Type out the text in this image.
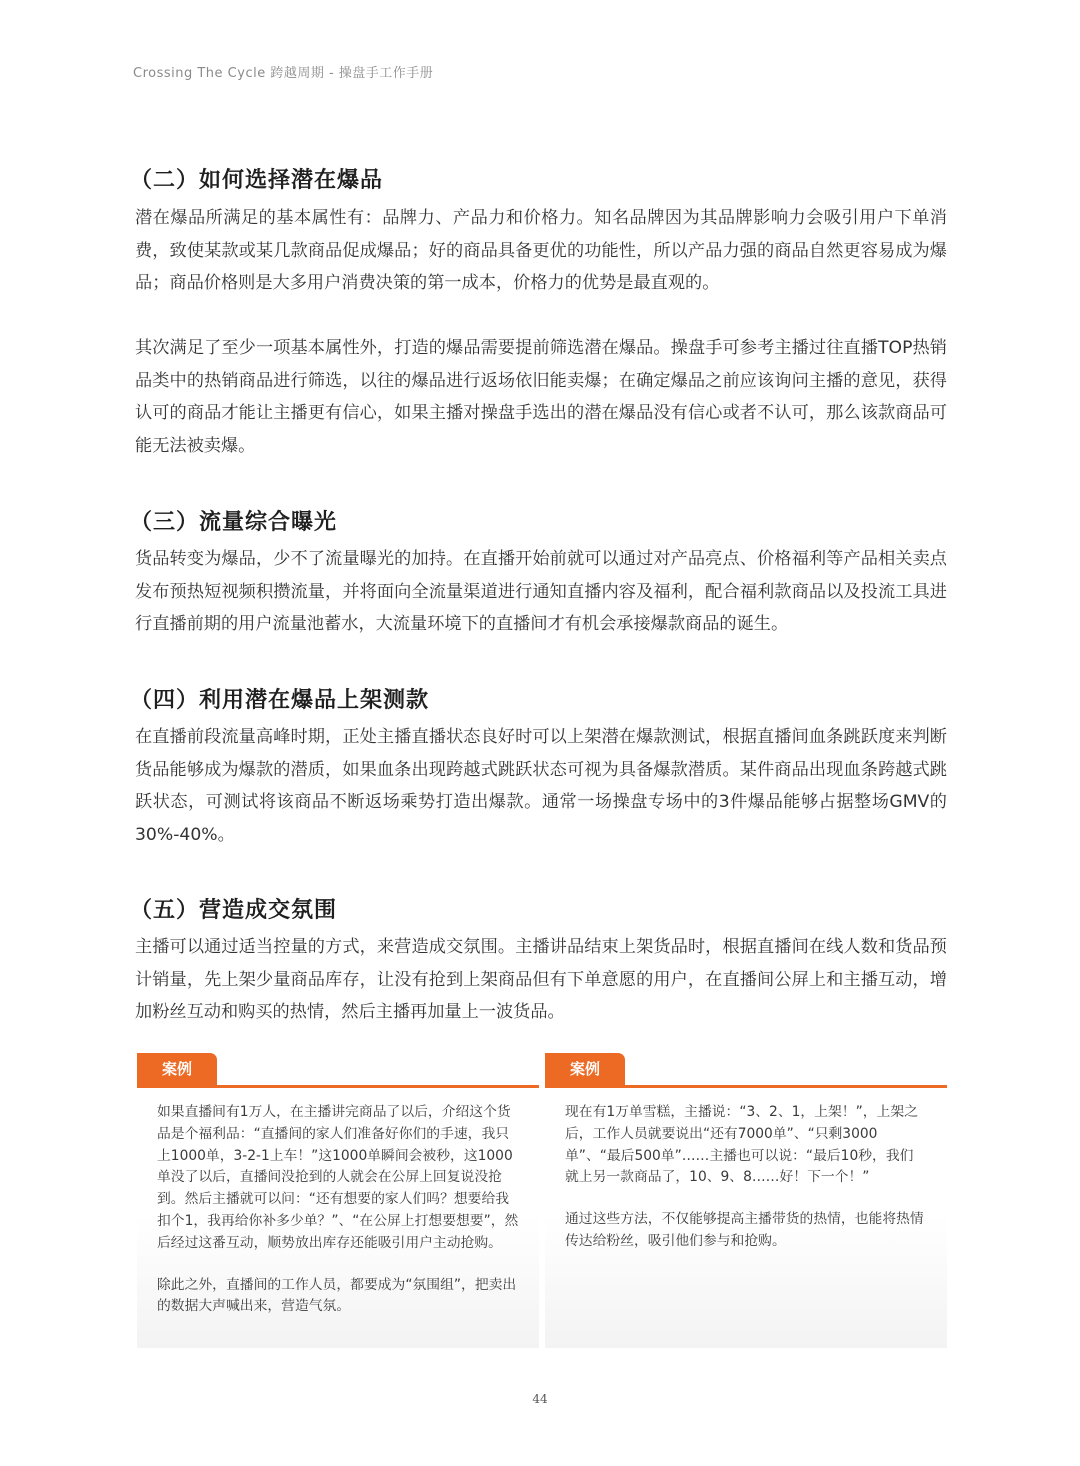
Crossing The Cycle 跨越周期 - 操盘手工作手册
（二）如何选择潜在爆品

潜在爆品所满足的基本属性有：品牌力、产品力和价格力。知名品牌因为其品牌影响力会吸引用户下单消费，致使某款或某几款商品促成爆品；好的商品具备更优的功能性，所以产品力强的商品自然更容易成为爆品；商品价格则是大多用户消费决策的第一成本，价格力的优势是最直观的。

其次满足了至少一项基本属性外，打造的爆品需要提前筛选潜在爆品。操盘手可参考主播过往直播TOP热销品类中的热销商品进行筛选，以往的爆品进行返场依旧能卖爆；在确定爆品之前应该询问主播的意见，获得认可的商品才能让主播更有信心，如果主播对操盘手选出的潜在爆品没有信心或者不认可，那么该款商品可能无法被卖爆。

（三）流量综合曝光

货品转变为爆品，少不了流量曝光的加持。在直播开始前就可以通过对产品亮点、价格福利等产品相关卖点发布预热短视频积攒流量，并将面向全流量渠道进行通知直播内容及福利，配合福利款商品以及投流工具进行直播前期的用户流量池蓄水，大流量环境下的直播间才有机会承接爆款商品的诞生。

（四）利用潜在爆品上架测款

在直播前段流量高峰时期，正处主播直播状态良好时可以上架潜在爆款测试，根据直播间血条跳跃度来判断货品能够成为爆款的潜质，如果血条出现跨越式跳跃状态可视为具备爆款潜质。某件商品出现血条跨越式跳跃状态，可测试将该商品不断返场乘势打造出爆款。通常一场操盘专场中的3件爆品能够占据整场GMV的30%-40%。

（五）营造成交氛围

主播可以通过适当控量的方式，来营造成交氛围。主播讲品结束上架货品时，根据直播间在线人数和货品预计销量，先上架少量商品库存，让没有抢到上架商品但有下单意愿的用户，在直播间公屏上和主播互动，增加粉丝互动和购买的热情，然后主播再加量上一波货品。

案例

如果直播间有1万人，在主播讲完商品了以后，介绍这个货品是个福利品：“直播间的家人们准备好你们的手速，我只上1000单，3-2-1上车！”这1000单瞬间会被秒，这1000单没了以后，直播间没抢到的人就会在公屏上回复说没抢到。然后主播就可以问：“还有想要的家人们吗？想要给我扣个1，我再给你补多少单？”、“在公屏上打想要想要”，然后经过这番互动，顺势放出库存还能吸引用户主动抢购。

除此之外，直播间的工作人员，都要成为“氛围组”，把卖出的数据大声喊出来，营造气氛。

案例

现在有1万单雪糕，主播说：“3、2、1，上架！”，上架之后，工作人员就要说出“还有7000单”、“只剩3000单”、“最后500单”……主播也可以说：“最后10秒，我们就上另一款商品了，10、9、8……好！下一个！”

通过这些方法，不仅能够提高主播带货的热情，也能将热情传达给粉丝，吸引他们参与和抢购。

44
